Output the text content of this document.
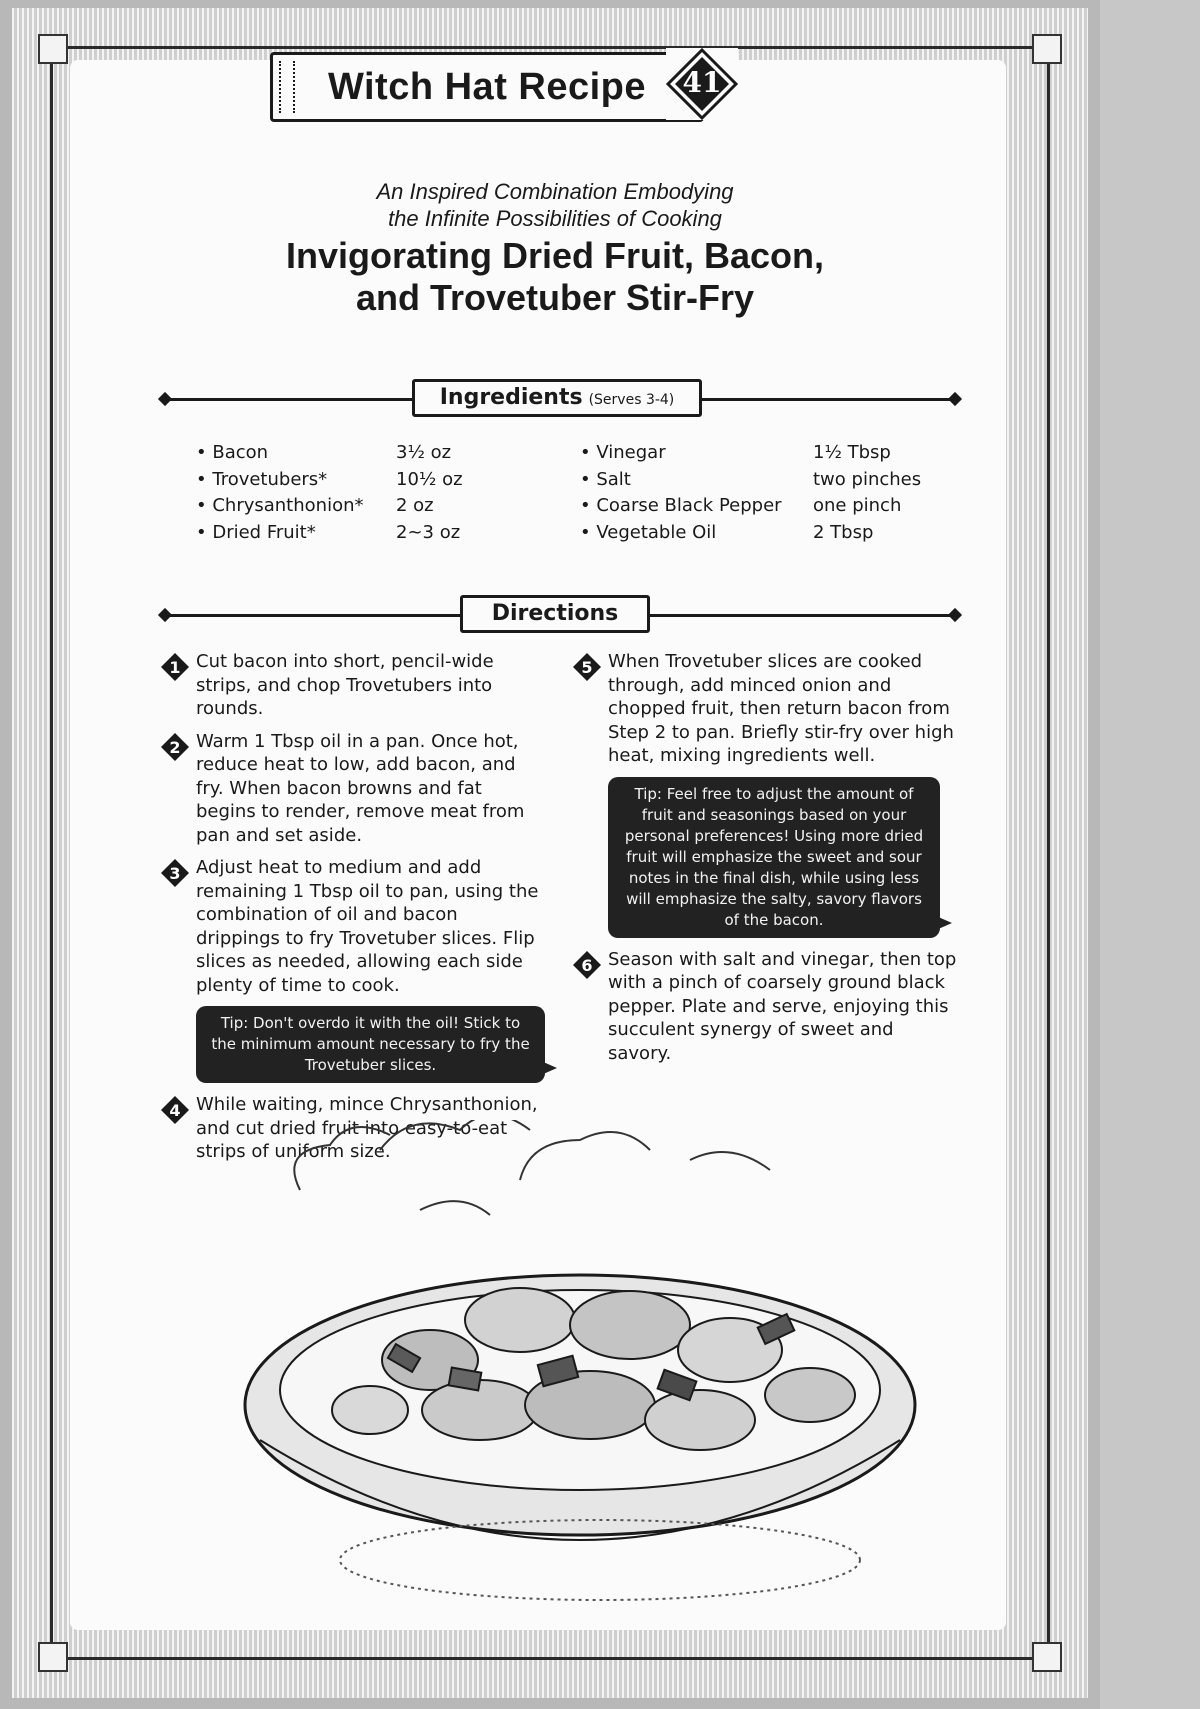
Witch Hat Recipe	41
An Inspired Combination Embodying
the Infinite Possibilities of Cooking
Invigorating Dried Fruit, Bacon,
and Trovetuber Stir-Fry
Ingredients (Serves 3-4)
• Bacon	3½ oz
• Trovetubers*	10½ oz
• Chrysanthonion*	2 oz
• Dried Fruit*	2~3 oz
• Vinegar	1½ Tbsp
• Salt	two pinches
• Coarse Black Pepper	one pinch
• Vegetable Oil	2 Tbsp
Directions
1 Cut bacon into short, pencil-wide strips, and chop Trovetubers into rounds.
2 Warm 1 Tbsp oil in a pan. Once hot, reduce heat to low, add bacon, and fry. When bacon browns and fat begins to render, remove meat from pan and set aside.
3 Adjust heat to medium and add remaining 1 Tbsp oil to pan, using the combination of oil and bacon drippings to fry Trovetuber slices. Flip slices as needed, allowing each side plenty of time to cook.
Tip: Don't overdo it with the oil! Stick to the minimum amount necessary to fry the Trovetuber slices.
4 While waiting, mince Chrysanthonion, and cut dried fruit into easy-to-eat strips of uniform size.
5 When Trovetuber slices are cooked through, add minced onion and chopped fruit, then return bacon from Step 2 to pan. Briefly stir-fry over high heat, mixing ingredients well.
Tip: Feel free to adjust the amount of fruit and seasonings based on your personal preferences! Using more dried fruit will emphasize the sweet and sour notes in the final dish, while using less will emphasize the salty, savory flavors of the bacon.
6 Season with salt and vinegar, then top with a pinch of coarsely ground black pepper. Plate and serve, enjoying this succulent synergy of sweet and savory.
